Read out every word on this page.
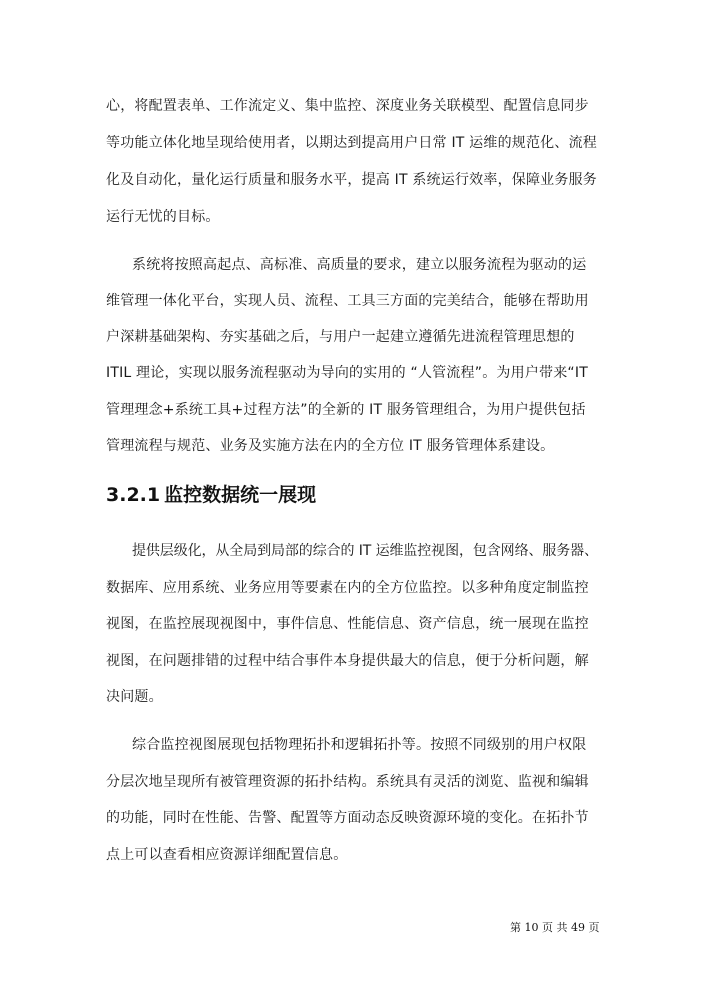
心，将配置表单、工作流定义、集中监控、深度业务关联模型、配置信息同步
等功能立体化地呈现给使用者，以期达到提高用户日常 IT 运维的规范化、流程
化及自动化，量化运行质量和服务水平，提高 IT 系统运行效率，保障业务服务
运行无忧的目标。
系统将按照高起点、高标准、高质量的要求，建立以服务流程为驱动的运
维管理一体化平台，实现人员、流程、工具三方面的完美结合，能够在帮助用
户深耕基础架构、夯实基础之后，与用户一起建立遵循先进流程管理思想的
ITIL 理论，实现以服务流程驱动为导向的实用的 “人管流程”。为用户带来“IT
管理理念+系统工具+过程方法”的全新的 IT 服务管理组合，为用户提供包括
管理流程与规范、业务及实施方法在内的全方位 IT 服务管理体系建设。
3.2.1 监控数据统一展现
提供层级化，从全局到局部的综合的 IT 运维监控视图，包含网络、服务器、
数据库、应用系统、业务应用等要素在内的全方位监控。以多种角度定制监控
视图，在监控展现视图中，事件信息、性能信息、资产信息，统一展现在监控
视图，在问题排错的过程中结合事件本身提供最大的信息，便于分析问题，解
决问题。
综合监控视图展现包括物理拓扑和逻辑拓扑等。按照不同级别的用户权限
分层次地呈现所有被管理资源的拓扑结构。系统具有灵活的浏览、监视和编辑
的功能，同时在性能、告警、配置等方面动态反映资源环境的变化。在拓扑节
点上可以查看相应资源详细配置信息。
第 10 页 共 49 页
